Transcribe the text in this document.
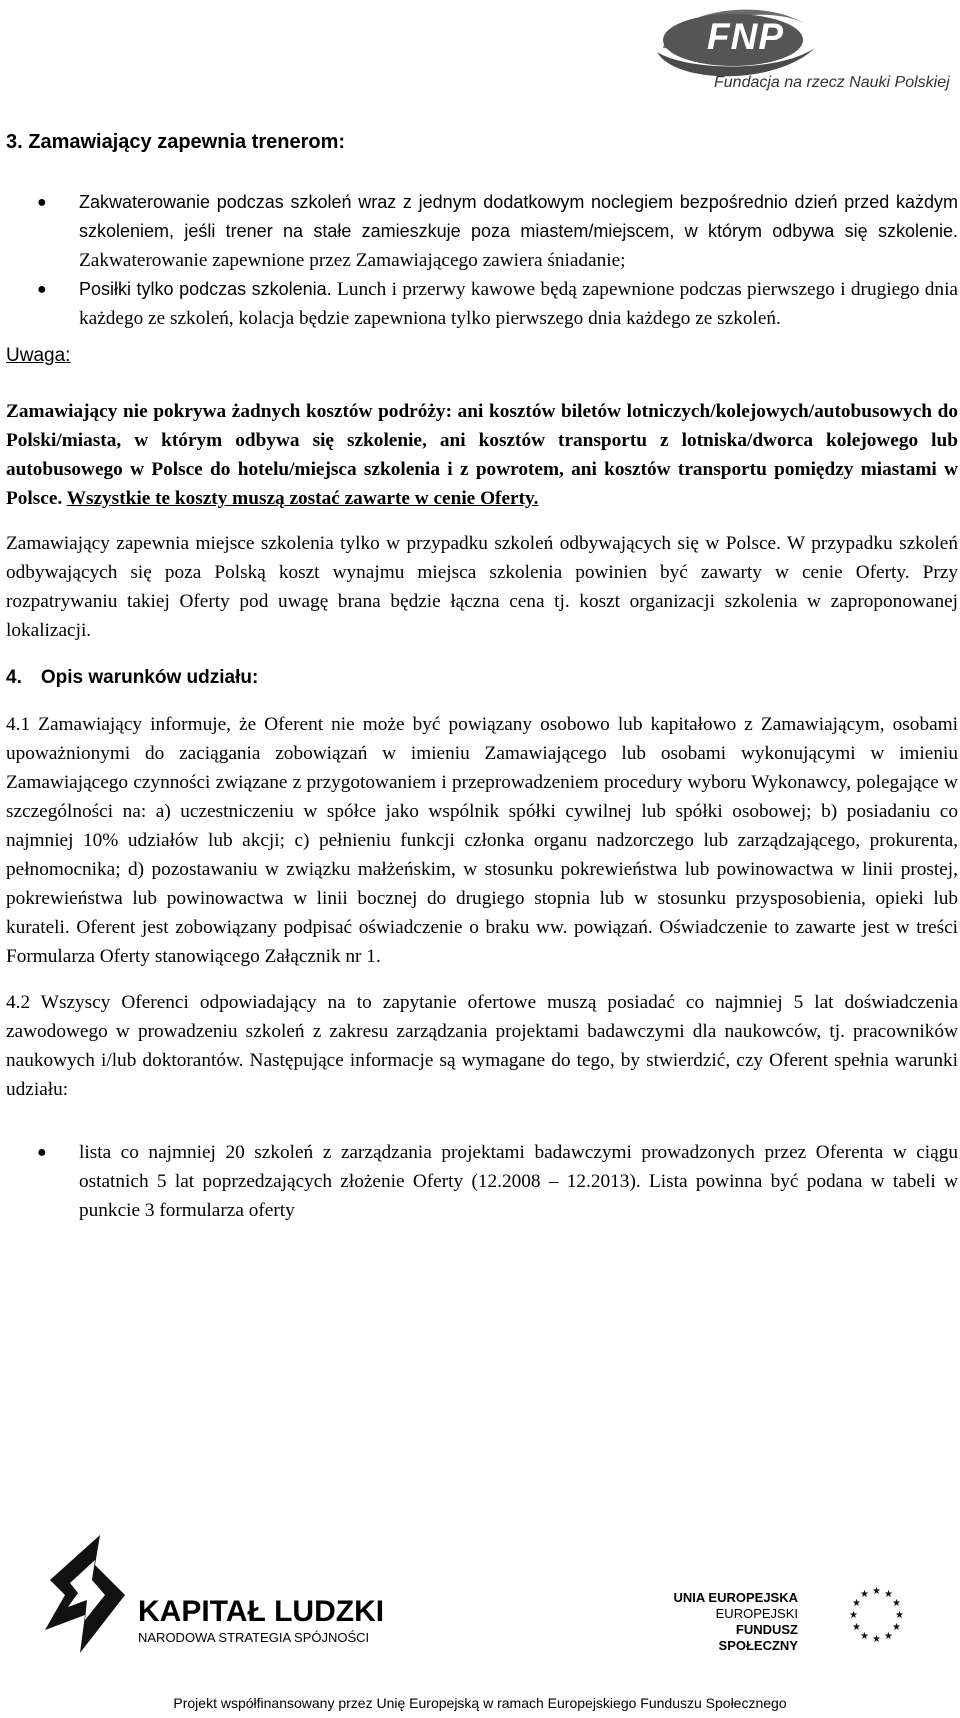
FNP
Fundacja na rzecz Nauki Polskiej
3. Zamawiający zapewnia trenerom:
● Zakwaterowanie podczas szkoleń wraz z jednym dodatkowym noclegiem bezpośrednio dzień przed każdym szkoleniem, jeśli trener na stałe zamieszkuje poza miastem/miejscem, w którym odbywa się szkolenie. Zakwaterowanie zapewnione przez Zamawiającego zawiera śniadanie;
● Posiłki tylko podczas szkolenia. Lunch i przerwy kawowe będą zapewnione podczas pierwszego i drugiego dnia każdego ze szkoleń, kolacja będzie zapewniona tylko pierwszego dnia każdego ze szkoleń.
Uwaga:
Zamawiający nie pokrywa żadnych kosztów podróży: ani kosztów biletów lotniczych/kolejowych/autobusowych do Polski/miasta, w którym odbywa się szkolenie, ani kosztów transportu z lotniska/dworca kolejowego lub autobusowego w Polsce do hotelu/miejsca szkolenia i z powrotem, ani kosztów transportu pomiędzy miastami w Polsce. Wszystkie te koszty muszą zostać zawarte w cenie Oferty.
Zamawiający zapewnia miejsce szkolenia tylko w przypadku szkoleń odbywających się w Polsce. W przypadku szkoleń odbywających się poza Polską koszt wynajmu miejsca szkolenia powinien być zawarty w cenie Oferty. Przy rozpatrywaniu takiej Oferty pod uwagę brana będzie łączna cena tj. koszt organizacji szkolenia w zaproponowanej lokalizacji.
4. Opis warunków udziału:
4.1 Zamawiający informuje, że Oferent nie może być powiązany osobowo lub kapitałowo z Zamawiającym, osobami upoważnionymi do zaciągania zobowiązań w imieniu Zamawiającego lub osobami wykonującymi w imieniu Zamawiającego czynności związane z przygotowaniem i przeprowadzeniem procedury wyboru Wykonawcy, polegające w szczególności na: a) uczestniczeniu w spółce jako wspólnik spółki cywilnej lub spółki osobowej; b) posiadaniu co najmniej 10% udziałów lub akcji; c) pełnieniu funkcji członka organu nadzorczego lub zarządzającego, prokurenta, pełnomocnika; d) pozostawaniu w związku małżeńskim, w stosunku pokrewieństwa lub powinowactwa w linii prostej, pokrewieństwa lub powinowactwa w linii bocznej do drugiego stopnia lub w stosunku przysposobienia, opieki lub kurateli. Oferent jest zobowiązany podpisać oświadczenie o braku ww. powiązań. Oświadczenie to zawarte jest w treści Formularza Oferty stanowiącego Załącznik nr 1.
4.2 Wszyscy Oferenci odpowiadający na to zapytanie ofertowe muszą posiadać co najmniej 5 lat doświadczenia zawodowego w prowadzeniu szkoleń z zakresu zarządzania projektami badawczymi dla naukowców, tj. pracowników naukowych i/lub doktorantów. Następujące informacje są wymagane do tego, by stwierdzić, czy Oferent spełnia warunki udziału:
● lista co najmniej 20 szkoleń z zarządzania projektami badawczymi prowadzonych przez Oferenta w ciągu ostatnich 5 lat poprzedzających złożenie Oferty (12.2008 – 12.2013). Lista powinna być podana w tabeli w punkcie 3 formularza oferty
KAPITAŁ LUDZKI
NARODOWA STRATEGIA SPÓJNOŚCI
UNIA EUROPEJSKA
EUROPEJSKI
FUNDUSZ SPOŁECZNY
★ ★
★
★
★
★
★
★
★
★
★
★
Projekt współfinansowany przez Unię Europejską w ramach Europejskiego Funduszu Społecznego
